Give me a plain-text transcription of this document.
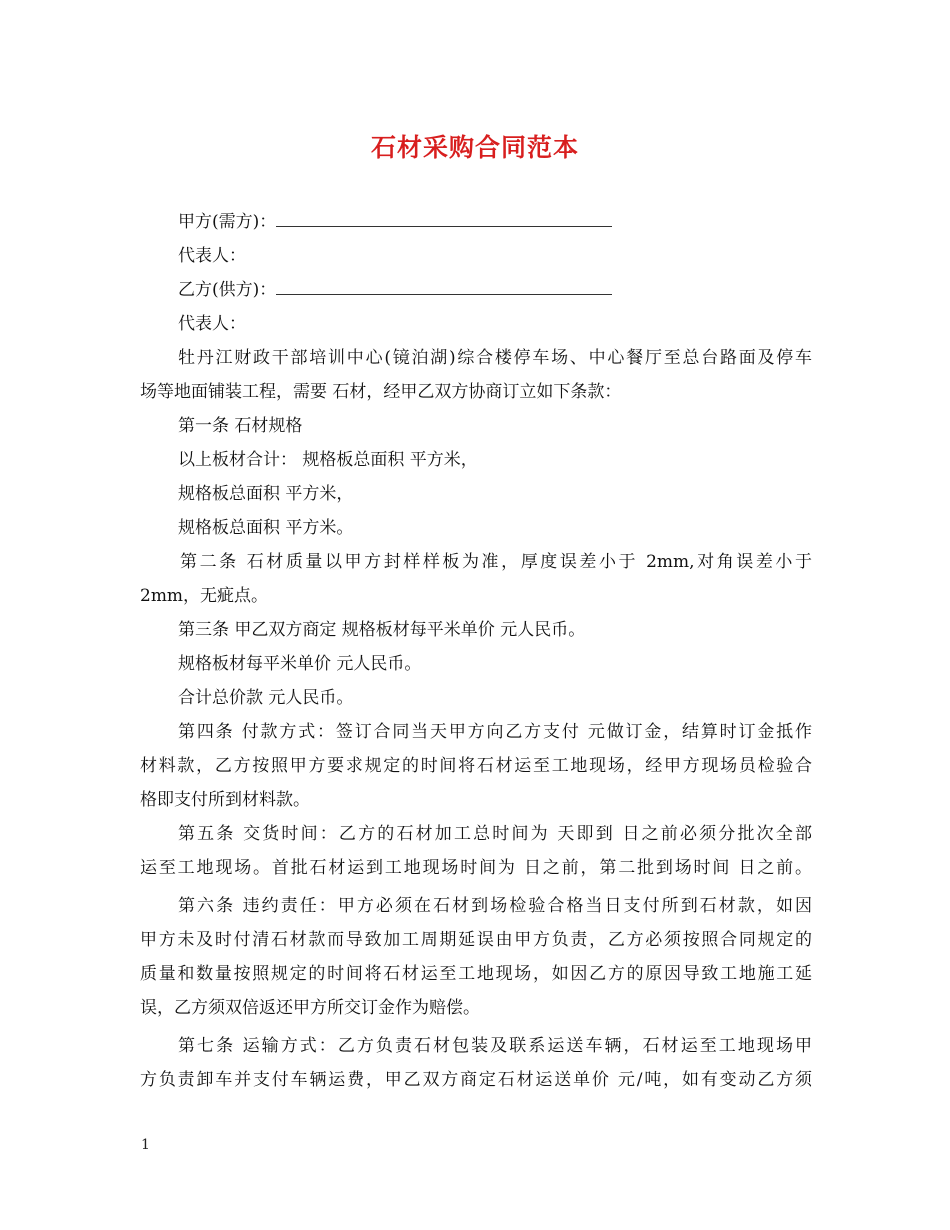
石材采购合同范本
甲方(需方)：
代表人：
乙方(供方)：
代表人：
牡丹江财政干部培训中心(镜泊湖)综合楼停车场、中心餐厅至总台路面及停车
场等地面铺装工程，需要 石材，经甲乙双方协商订立如下条款：
第一条 石材规格
以上板材合计： 规格板总面积 平方米，
规格板总面积 平方米，
规格板总面积 平方米。
第二条 石材质量以甲方封样样板为准，厚度误差小于 2mm,对角误差小于
2mm，无疵点。
第三条 甲乙双方商定 规格板材每平米单价 元人民币。
规格板材每平米单价 元人民币。
合计总价款 元人民币。
第四条 付款方式：签订合同当天甲方向乙方支付 元做订金，结算时订金抵作
材料款，乙方按照甲方要求规定的时间将石材运至工地现场，经甲方现场员检验合
格即支付所到材料款。
第五条 交货时间：乙方的石材加工总时间为 天即到 日之前必须分批次全部
运至工地现场。首批石材运到工地现场时间为 日之前，第二批到场时间 日之前。
第六条 违约责任：甲方必须在石材到场检验合格当日支付所到石材款，如因
甲方未及时付清石材款而导致加工周期延误由甲方负责，乙方必须按照合同规定的
质量和数量按照规定的时间将石材运至工地现场，如因乙方的原因导致工地施工延
误，乙方须双倍返还甲方所交订金作为赔偿。
第七条 运输方式：乙方负责石材包装及联系运送车辆，石材运至工地现场甲
方负责卸车并支付车辆运费，甲乙双方商定石材运送单价 元/吨，如有变动乙方须
1
